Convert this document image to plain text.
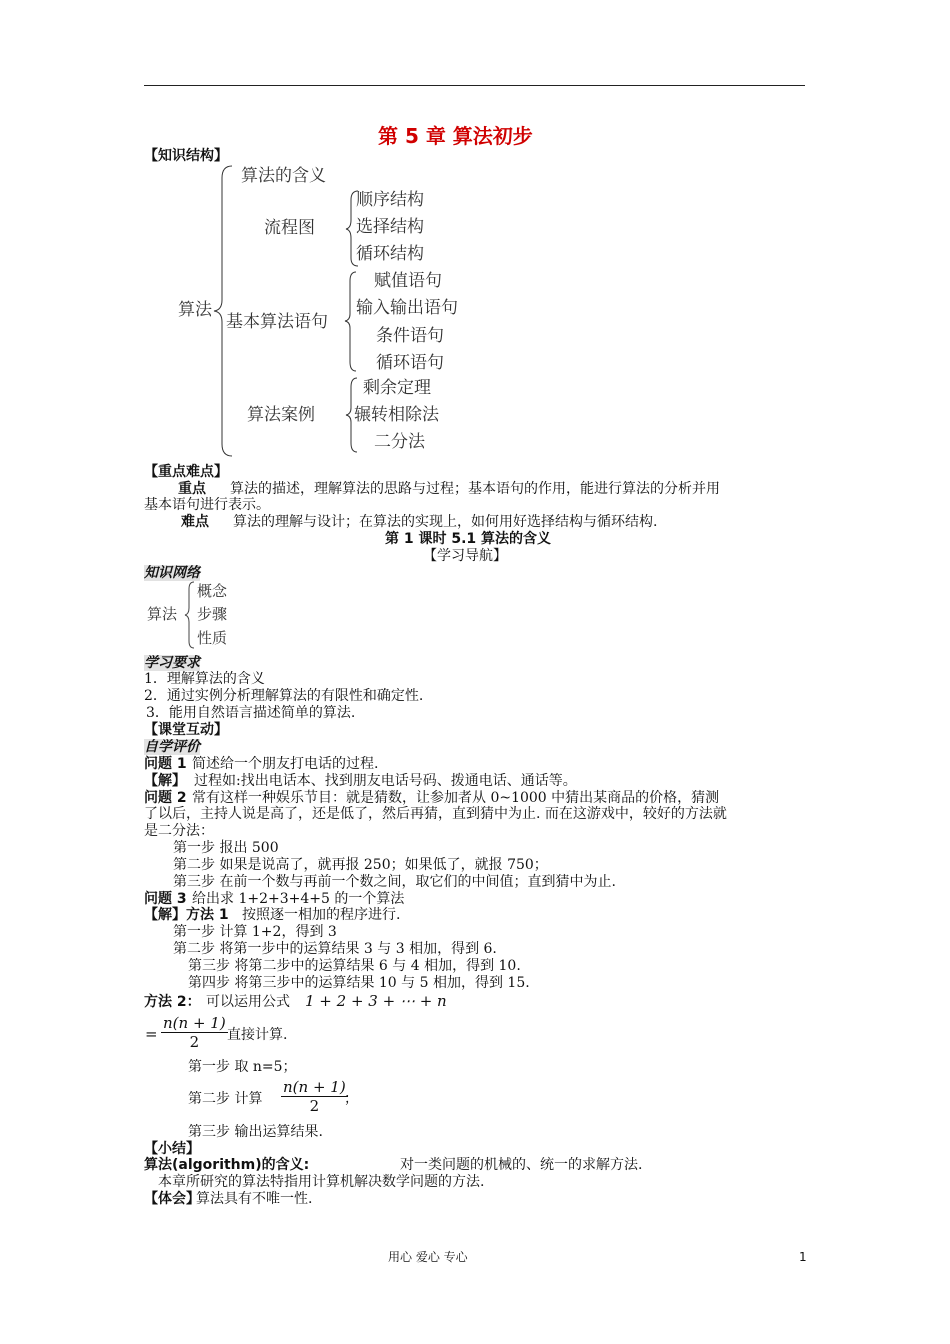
第 5 章 算法初步
【知识结构】
算法
算法的含义
流程图
顺序结构
选择结构
循环结构
基本算法语句
赋值语句
输入输出语句
条件语句
循环语句
算法案例
剩余定理
辗转相除法
二分法
【重点难点】
重点 算法的描述，理解算法的思路与过程；基本语句的作用，能进行算法的分析并用
基本语句进行表示。
难点 算法的理解与设计；在算法的实现上，如何用好选择结构与循环结构.
第 1 课时 5.1 算法的含义
【学习导航】
知识网络
算法
概念
步骤
性质
学习要求
1．理解算法的含义
2．通过实例分析理解算法的有限性和确定性.
3．能用自然语言描述简单的算法.
【课堂互动】
自学评价
问题 1 简述给一个朋友打电话的过程.
【解】 过程如:找出电话本、找到朋友电话号码、拨通电话、通话等。
问题 2 常有这样一种娱乐节目：就是猜数，让参加者从 0~1000 中猜出某商品的价格，猜测
了以后，主持人说是高了，还是低了，然后再猜，直到猜中为止. 而在这游戏中，较好的方法就
是二分法：
第一步 报出 500
第二步 如果是说高了，就再报 250；如果低了，就报 750；
第三步 在前一个数与再前一个数之间，取它们的中间值；直到猜中为止.
问题 3 给出求 1+2+3+4+5 的一个算法
【解】方法 1 按照逐一相加的程序进行.
第一步 计算 1+2，得到 3
第二步 将第一步中的运算结果 3 与 3 相加，得到 6.
第三步 将第二步中的运算结果 6 与 4 相加，得到 10.
第四步 将第三步中的运算结果 10 与 5 相加，得到 15.
方法 2： 可以运用公式 1 + 2 + 3 + ⋯ + n
= $\frac{n(n + 1)}{2}$ 直接计算.
第一步 取 n=5；
第二步 计算 $\frac{n(n + 1)}{2}$
；
第三步 输出运算结果.
【小结】
算法(algorithm)的含义:	对一类问题的机械的、统一的求解方法.
本章所研究的算法特指用计算机解决数学问题的方法.
【体会】
算法具有不唯一性.
用心 爱心 专心	1
